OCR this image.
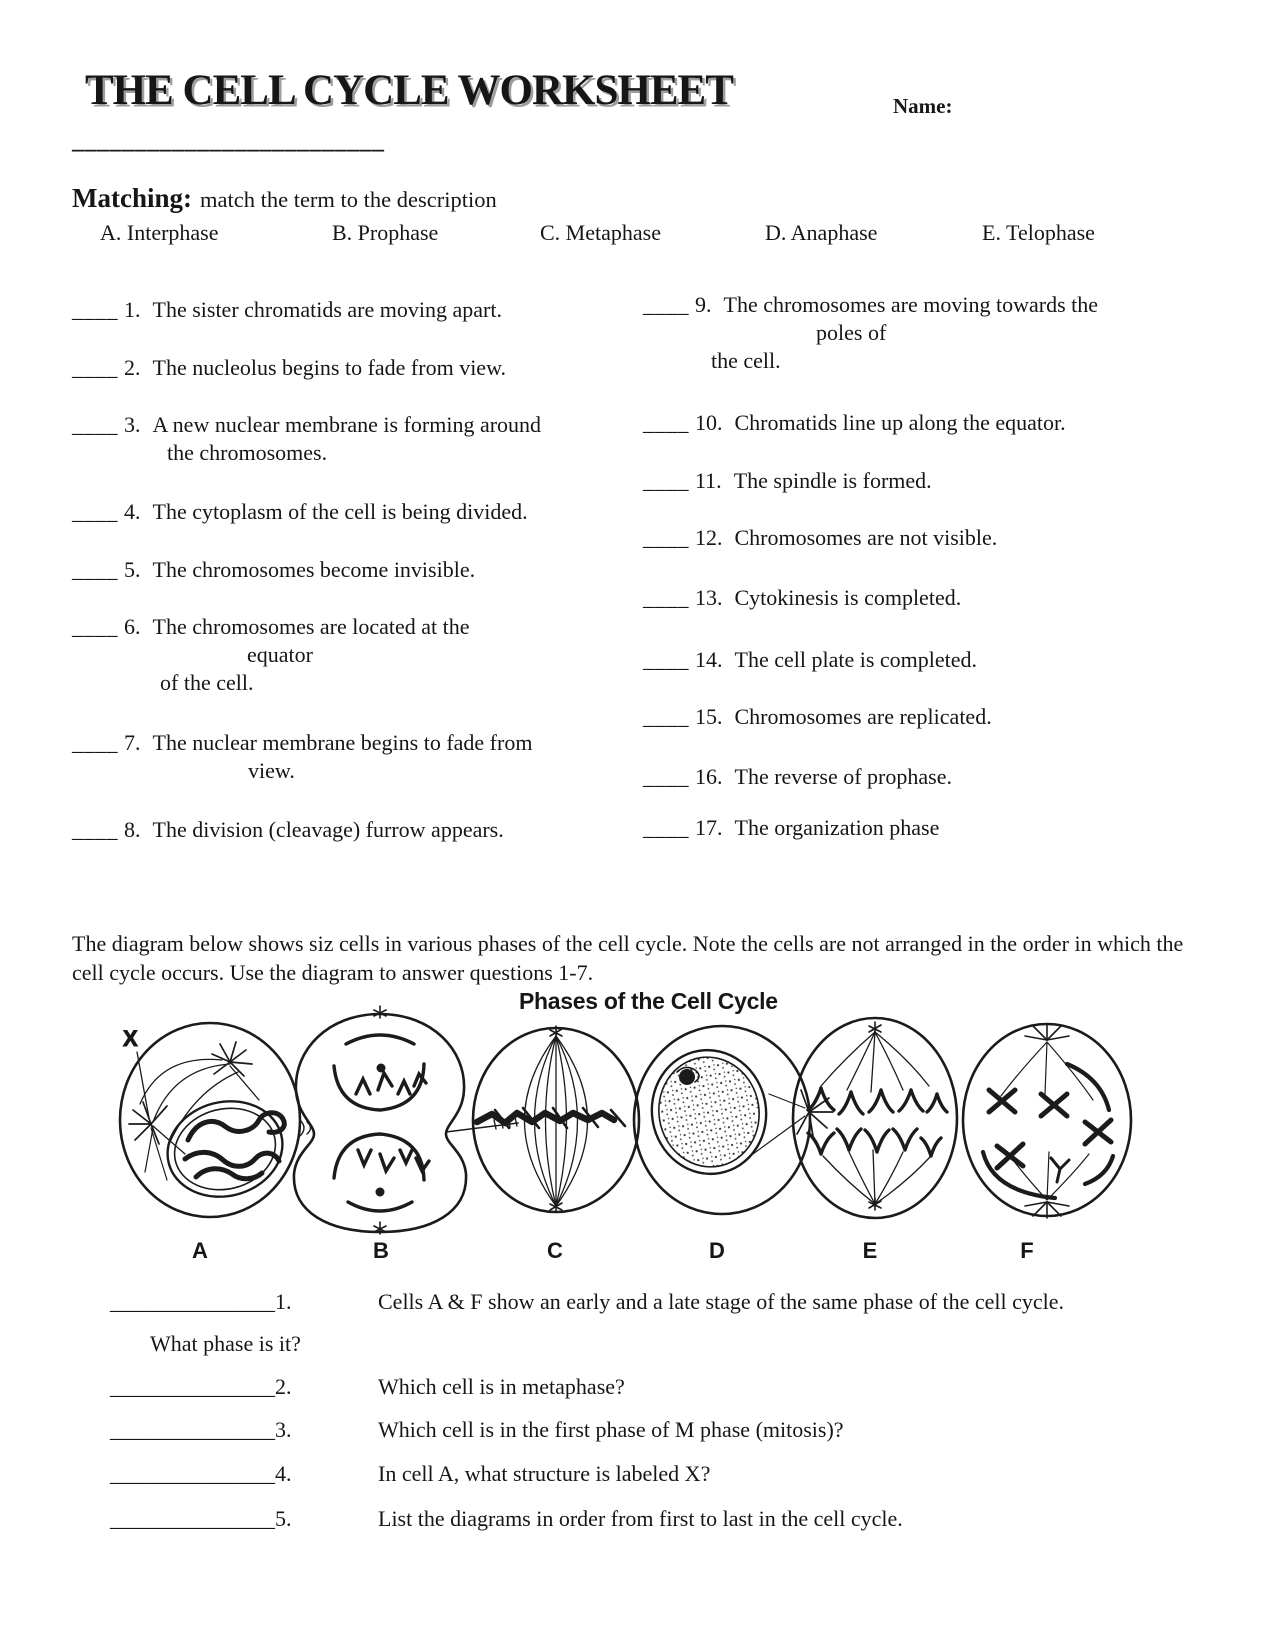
THE CELL CYCLE WORKSHEET	Name:
_________________________
Matching: match the term to the description
A. Interphase	B. Prophase	C. Metaphase	D. Anaphase	E. Telophase
____ 1. The sister chromatids are moving apart.
____ 2. The nucleolus begins to fade from view.
____ 3. A new nuclear membrane is forming around
the chromosomes.
____ 4. The cytoplasm of the cell is being divided.
____ 5. The chromosomes become invisible.
____ 6. The chromosomes are located at the
equator
of the cell.
____ 7. The nuclear membrane begins to fade from
view.
____ 8. The division (cleavage) furrow appears.
____ 9. The chromosomes are moving towards the
poles of
the cell.
____ 10. Chromatids line up along the equator.
____ 11. The spindle is formed.
____ 12. Chromosomes are not visible.
____ 13. Cytokinesis is completed.
____ 14. The cell plate is completed.
____ 15. Chromosomes are replicated.
____ 16. The reverse of prophase.
____ 17. The organization phase
The diagram below shows siz cells in various phases of the cell cycle. Note the cells are not arranged in the order in which the cell cycle occurs. Use the diagram to answer questions 1-7.
Phases of the Cell Cycle
X
A	B	C	D	E	F
_______________1.	Cells A & F show an early and a late stage of the same phase of the cell cycle.
What phase is it?
_______________2.	Which cell is in metaphase?
_______________3.	Which cell is in the first phase of M phase (mitosis)?
_______________4.	In cell A, what structure is labeled X?
_______________5.	List the diagrams in order from first to last in the cell cycle.
